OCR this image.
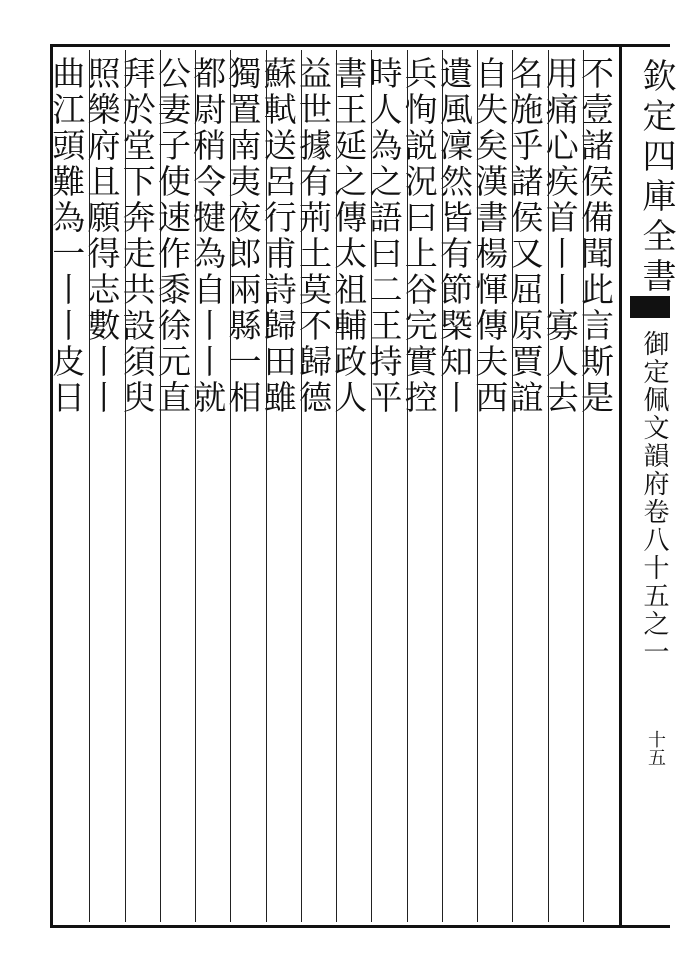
欽定四庫全書
御定佩文韻府卷八十五之一
十五
不壹諸侯備聞此言斯是
用痛心疾首丨丨寡人去
名施乎諸侯又屈原賈誼
自失矣漢書楊惲傳夫西
遺風凜然皆有節槩知丨
兵恂説況曰上谷完實控
時人為之語曰二王持平
書王延之傳太祖輔政人
益世據有荊土莫不歸德
蘇軾送呂行甫詩歸田雖
獨置南夷夜郎兩縣一相
都尉稍令犍為自丨丨就
公妻子使速作黍徐元直
拜於堂下奔走共設須臾
照樂府且願得志數丨丨
曲江頭難為一丨丨皮日
